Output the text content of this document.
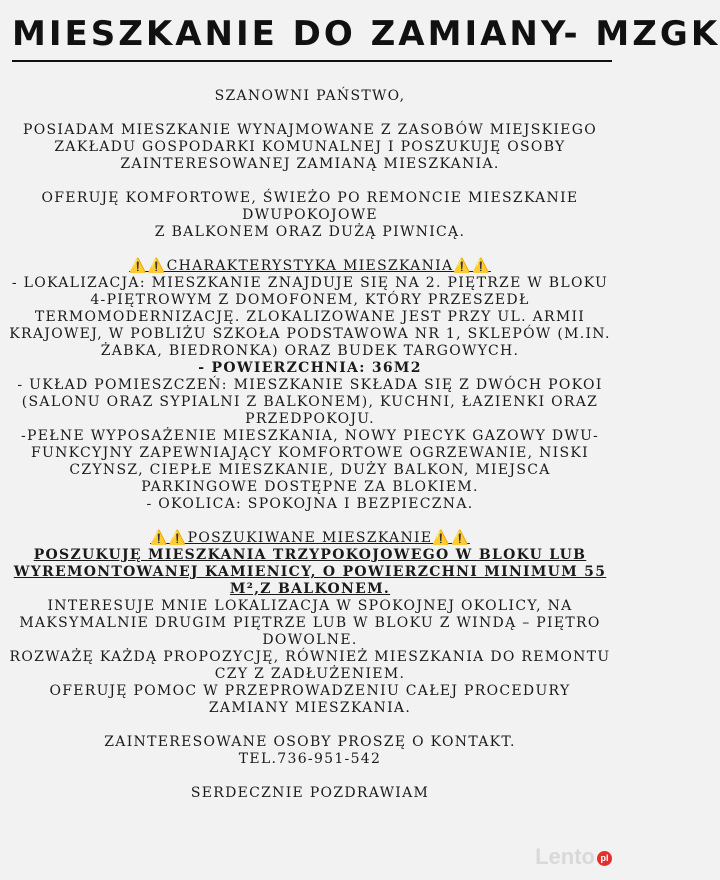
MIESZKANIE DO ZAMIANY- MZGK

SZANOWNI PAŃSTWO,

POSIADAM MIESZKANIE WYNAJMOWANE Z ZASOBÓW MIEJSKIEGO ZAKŁADU GOSPODARKI KOMUNALNEJ I POSZUKUJĘ OSOBY ZAINTERESOWANEJ ZAMIANĄ MIESZKANIA.

OFERUJĘ KOMFORTOWE, ŚWIEŻO PO REMONCIE MIESZKANIE DWUPOKOJOWE

Z BALKONEM ORAZ DUŻĄ PIWNICĄ.

⚠️⚠️CHARAKTERYSTYKA MIESZKANIA⚠️⚠️

- LOKALIZACJA: MIESZKANIE ZNAJDUJE SIĘ NA 2. PIĘTRZE W BLOKU 4-PIĘTROWYM Z DOMOFONEM, KTÓRY PRZESZEDŁ TERMOMODERNIZACJĘ. ZLOKALIZOWANE JEST PRZY UL. ARMII KRAJOWEJ, W POBLIŻU SZKOŁA PODSTAWOWA NR 1, SKLEPÓW (M.IN. ŻABKA, BIEDRONKA) ORAZ BUDEK TARGOWYCH.

- POWIERZCHNIA: 36M2

- UKŁAD POMIESZCZEŃ: MIESZKANIE SKŁADA SIĘ Z DWÓCH POKOI (SALONU ORAZ SYPIALNI Z BALKONEM), KUCHNI, ŁAZIENKI ORAZ PRZEDPOKOJU.

-PEŁNE WYPOSAŻENIE MIESZKANIA, NOWY PIECYK GAZOWY DWU-FUNKCYJNY ZAPEWNIAJĄCY KOMFORTOWE OGRZEWANIE, NISKI CZYNSZ, CIEPŁE MIESZKANIE, DUŻY BALKON, MIEJSCA PARKINGOWE DOSTĘPNE ZA BLOKIEM.

- OKOLICA: SPOKOJNA I BEZPIECZNA.

⚠️⚠️POSZUKIWANE MIESZKANIE⚠️⚠️

POSZUKUJĘ MIESZKANIA TRZYPOKOJOWEGO W BLOKU LUB WYREMONTOWANEJ KAMIENICY, O POWIERZCHNI MINIMUM 55 M²,Z BALKONEM.

INTERESUJE MNIE LOKALIZACJA W SPOKOJNEJ OKOLICY, NA MAKSYMALNIE DRUGIM PIĘTRZE LUB W BLOKU Z WINDĄ – PIĘTRO DOWOLNE.

ROZWAŻĘ KAŻDĄ PROPOZYCJĘ, RÓWNIEŻ MIESZKANIA DO REMONTU CZY Z ZADŁUŻENIEM.

OFERUJĘ POMOC W PRZEPROWADZENIU CAŁEJ PROCEDURY ZAMIANY MIESZKANIA.

ZAINTERESOWANE OSOBY PROSZĘ O KONTAKT.

TEL.736-951-542

SERDECZNIE POZDRAWIAM

Lento pl
